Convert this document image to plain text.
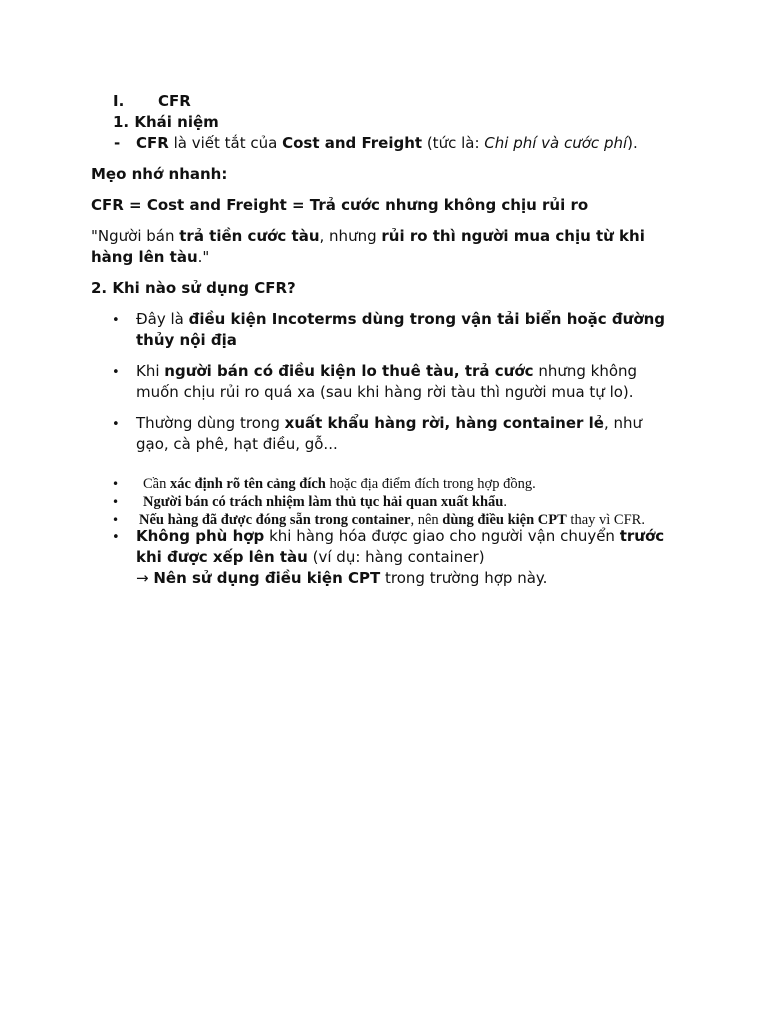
I. CFR
1. Khái niệm
- CFR là viết tắt của Cost and Freight (tức là: Chi phí và cước phí).
Mẹo nhớ nhanh:
CFR = Cost and Freight = Trả cước nhưng không chịu rủi ro
"Người bán trả tiền cước tàu, nhưng rủi ro thì người mua chịu từ khi
hàng lên tàu."
2. Khi nào sử dụng CFR?
• Đây là điều kiện Incoterms dùng trong vận tải biển hoặc đường
thủy nội địa
• Khi người bán có điều kiện lo thuê tàu, trả cước nhưng không
muốn chịu rủi ro quá xa (sau khi hàng rời tàu thì người mua tự lo).
• Thường dùng trong xuất khẩu hàng rời, hàng container lẻ, như
gạo, cà phê, hạt điều, gỗ...
• Cần xác định rõ tên cảng đích hoặc địa điểm đích trong hợp đồng.
• Người bán có trách nhiệm làm thủ tục hải quan xuất khẩu.
• Nếu hàng đã được đóng sẵn trong container, nên dùng điều kiện CPT thay vì CFR.
• Không phù hợp khi hàng hóa được giao cho người vận chuyển trước
khi được xếp lên tàu (ví dụ: hàng container)
→ Nên sử dụng điều kiện CPT trong trường hợp này.
